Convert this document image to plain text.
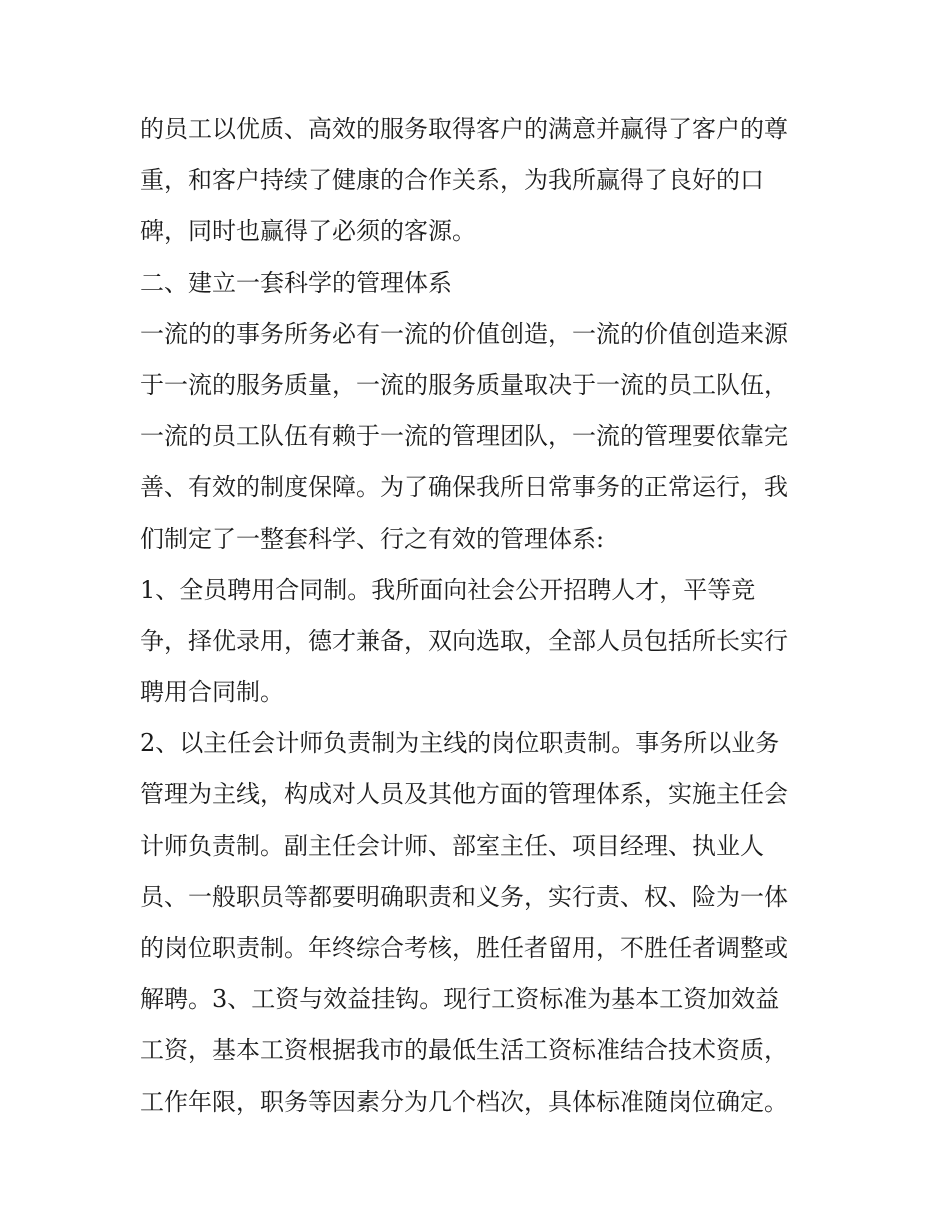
的员工以优质、高效的服务取得客户的满意并赢得了客户的尊
重，和客户持续了健康的合作关系，为我所赢得了良好的口
碑，同时也赢得了必须的客源。
二、建立一套科学的管理体系
一流的的事务所务必有一流的价值创造，一流的价值创造来源
于一流的服务质量，一流的服务质量取决于一流的员工队伍，
一流的员工队伍有赖于一流的管理团队，一流的管理要依靠完
善、有效的制度保障。为了确保我所日常事务的正常运行，我
们制定了一整套科学、行之有效的管理体系:
1、全员聘用合同制。我所面向社会公开招聘人才，平等竞
争，择优录用，德才兼备，双向选取，全部人员包括所长实行
聘用合同制。
2、以主任会计师负责制为主线的岗位职责制。事务所以业务
管理为主线，构成对人员及其他方面的管理体系，实施主任会
计师负责制。副主任会计师、部室主任、项目经理、执业人
员、一般职员等都要明确职责和义务，实行责、权、险为一体
的岗位职责制。年终综合考核，胜任者留用，不胜任者调整或
解聘。3、工资与效益挂钩。现行工资标准为基本工资加效益
工资，基本工资根据我市的最低生活工资标准结合技术资质，
工作年限，职务等因素分为几个档次，具体标准随岗位确定。
